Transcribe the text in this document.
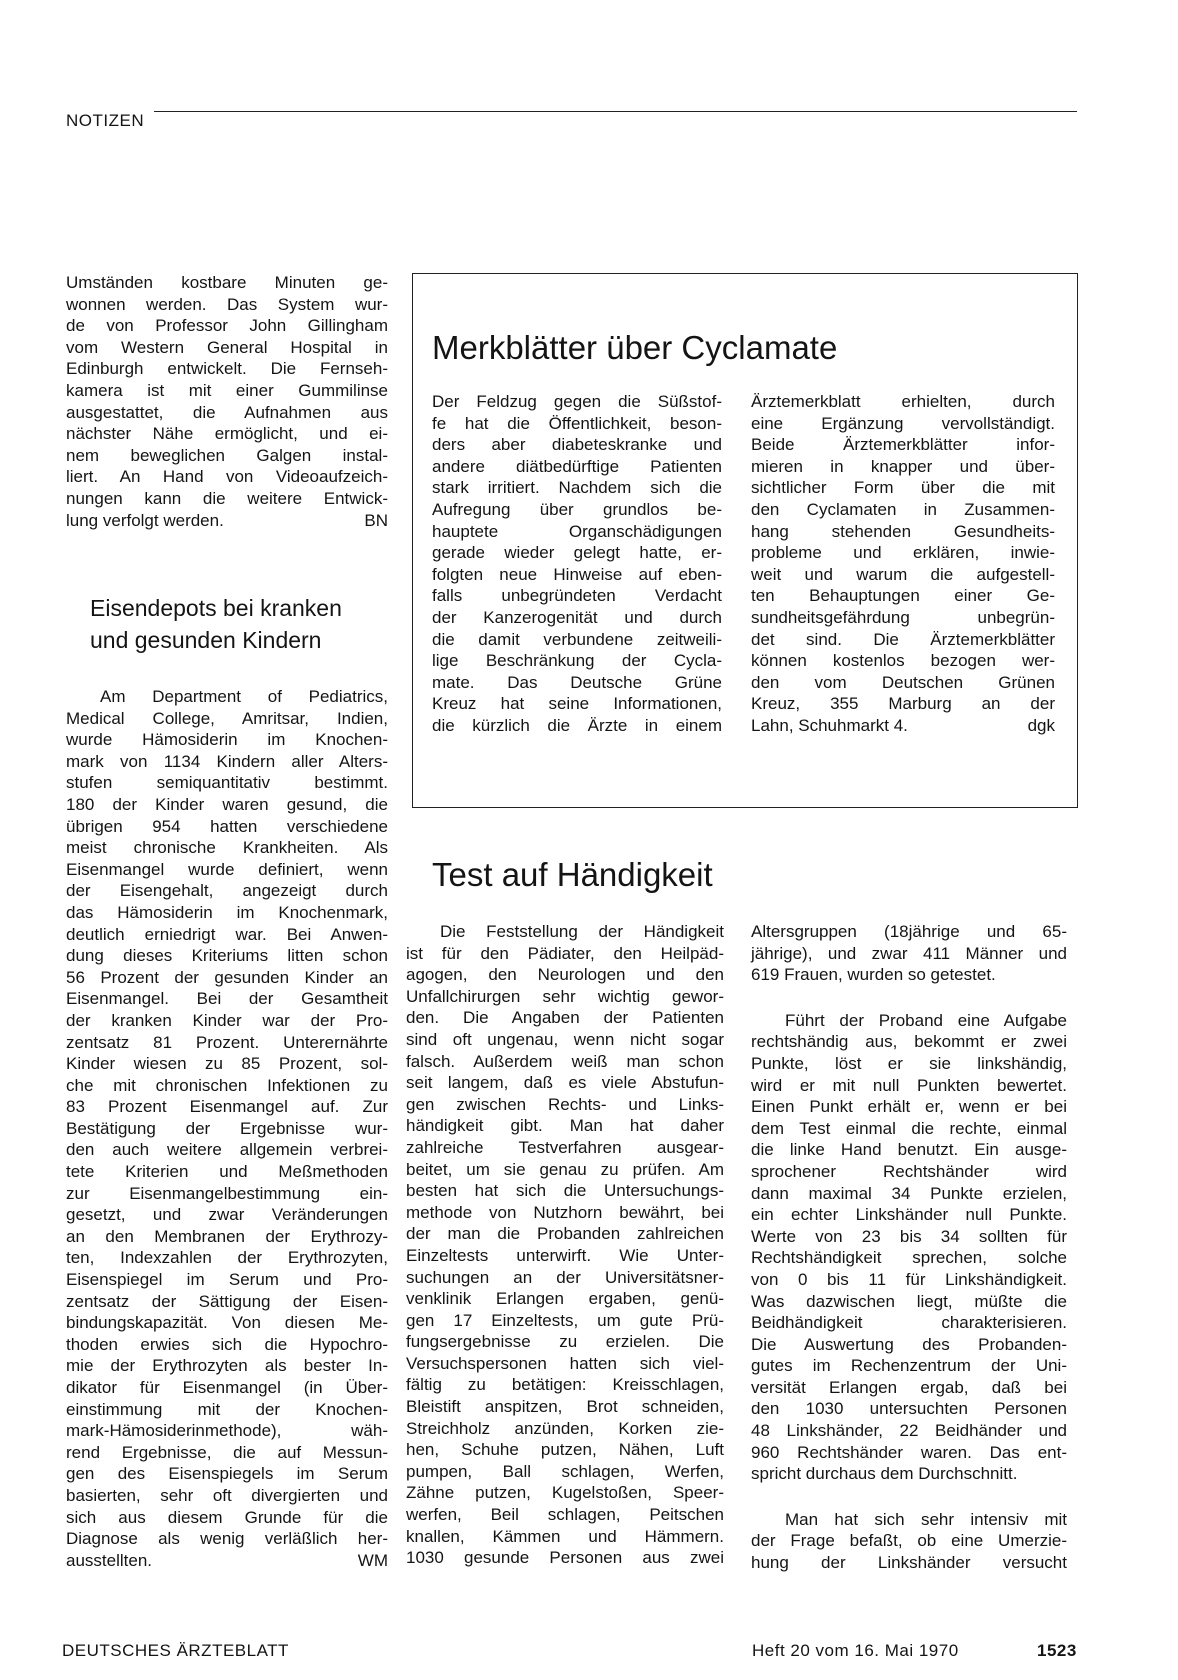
NOTIZEN
Umständen kostbare Minuten ge-
wonnen werden. Das System wur-
de von Professor John Gillingham
vom Western General Hospital in
Edinburgh entwickelt. Die Fernseh-
kamera ist mit einer Gummilinse
ausgestattet, die Aufnahmen aus
nächster Nähe ermöglicht, und ei-
nem beweglichen Galgen instal-
liert. An Hand von Videoaufzeich-
nungen kann die weitere Entwick-
lung verfolgt werden.	BN
Eisendepots bei kranken
und gesunden Kindern
Am Department of Pediatrics,
Medical College, Amritsar, Indien,
wurde Hämosiderin im Knochen-
mark von 1134 Kindern aller Alters-
stufen semiquantitativ bestimmt.
180 der Kinder waren gesund, die
übrigen 954 hatten verschiedene
meist chronische Krankheiten. Als
Eisenmangel wurde definiert, wenn
der Eisengehalt, angezeigt durch
das Hämosiderin im Knochenmark,
deutlich erniedrigt war. Bei Anwen-
dung dieses Kriteriums litten schon
56 Prozent der gesunden Kinder an
Eisenmangel. Bei der Gesamtheit
der kranken Kinder war der Pro-
zentsatz 81 Prozent. Unterernährte
Kinder wiesen zu 85 Prozent, sol-
che mit chronischen Infektionen zu
83 Prozent Eisenmangel auf. Zur
Bestätigung der Ergebnisse wur-
den auch weitere allgemein verbrei-
tete Kriterien und Meßmethoden
zur Eisenmangelbestimmung ein-
gesetzt, und zwar Veränderungen
an den Membranen der Erythrozy-
ten, Indexzahlen der Erythrozyten,
Eisenspiegel im Serum und Pro-
zentsatz der Sättigung der Eisen-
bindungskapazität. Von diesen Me-
thoden erwies sich die Hypochro-
mie der Erythrozyten als bester In-
dikator für Eisenmangel (in Über-
einstimmung mit der Knochen-
mark-Hämosiderinmethode), wäh-
rend Ergebnisse, die auf Messun-
gen des Eisenspiegels im Serum
basierten, sehr oft divergierten und
sich aus diesem Grunde für die
Diagnose als wenig verläßlich her-
ausstellten.	WM
Merkblätter über Cyclamate
Der Feldzug gegen die Süßstof-
fe hat die Öffentlichkeit, beson-
ders aber diabeteskranke und
andere diätbedürftige Patienten
stark irritiert. Nachdem sich die
Aufregung über grundlos be-
hauptete Organschädigungen
gerade wieder gelegt hatte, er-
folgten neue Hinweise auf eben-
falls unbegründeten Verdacht
der Kanzerogenität und durch
die damit verbundene zeitweili-
lige Beschränkung der Cycla-
mate. Das Deutsche Grüne
Kreuz hat seine Informationen,
die kürzlich die Ärzte in einem
Ärztemerkblatt erhielten, durch
eine Ergänzung vervollständigt.
Beide Ärztemerkblätter infor-
mieren in knapper und über-
sichtlicher Form über die mit
den Cyclamaten in Zusammen-
hang stehenden Gesundheits-
probleme und erklären, inwie-
weit und warum die aufgestell-
ten Behauptungen einer Ge-
sundheitsgefährdung unbegrün-
det sind. Die Ärztemerkblätter
können kostenlos bezogen wer-
den vom Deutschen Grünen
Kreuz, 355 Marburg an der
Lahn, Schuhmarkt 4.	dgk
Test auf Händigkeit
Die Feststellung der Händigkeit
ist für den Pädiater, den Heilpäd-
agogen, den Neurologen und den
Unfallchirurgen sehr wichtig gewor-
den. Die Angaben der Patienten
sind oft ungenau, wenn nicht sogar
falsch. Außerdem weiß man schon
seit langem, daß es viele Abstufun-
gen zwischen Rechts- und Links-
händigkeit gibt. Man hat daher
zahlreiche Testverfahren ausgear-
beitet, um sie genau zu prüfen. Am
besten hat sich die Untersuchungs-
methode von Nutzhorn bewährt, bei
der man die Probanden zahlreichen
Einzeltests unterwirft. Wie Unter-
suchungen an der Universitätsner-
venklinik Erlangen ergaben, genü-
gen 17 Einzeltests, um gute Prü-
fungsergebnisse zu erzielen. Die
Versuchspersonen hatten sich viel-
fältig zu betätigen: Kreisschlagen,
Bleistift anspitzen, Brot schneiden,
Streichholz anzünden, Korken zie-
hen, Schuhe putzen, Nähen, Luft
pumpen, Ball schlagen, Werfen,
Zähne putzen, Kugelstoßen, Speer-
werfen, Beil schlagen, Peitschen
knallen, Kämmen und Hämmern.
1030 gesunde Personen aus zwei
Altersgruppen (18jährige und 65-
jährige), und zwar 411 Männer und
619 Frauen, wurden so getestet.
Führt der Proband eine Aufgabe
rechtshändig aus, bekommt er zwei
Punkte, löst er sie linkshändig,
wird er mit null Punkten bewertet.
Einen Punkt erhält er, wenn er bei
dem Test einmal die rechte, einmal
die linke Hand benutzt. Ein ausge-
sprochener Rechtshänder wird
dann maximal 34 Punkte erzielen,
ein echter Linkshänder null Punkte.
Werte von 23 bis 34 sollten für
Rechtshändigkeit sprechen, solche
von 0 bis 11 für Linkshändigkeit.
Was dazwischen liegt, müßte die
Beidhändigkeit charakterisieren.
Die Auswertung des Probanden-
gutes im Rechenzentrum der Uni-
versität Erlangen ergab, daß bei
den 1030 untersuchten Personen
48 Linkshänder, 22 Beidhänder und
960 Rechtshänder waren. Das ent-
spricht durchaus dem Durchschnitt.
Man hat sich sehr intensiv mit
der Frage befaßt, ob eine Umerzie-
hung der Linkshänder versucht
DEUTSCHES ÄRZTEBLATT	Heft 20 vom 16. Mai 1970	1523
